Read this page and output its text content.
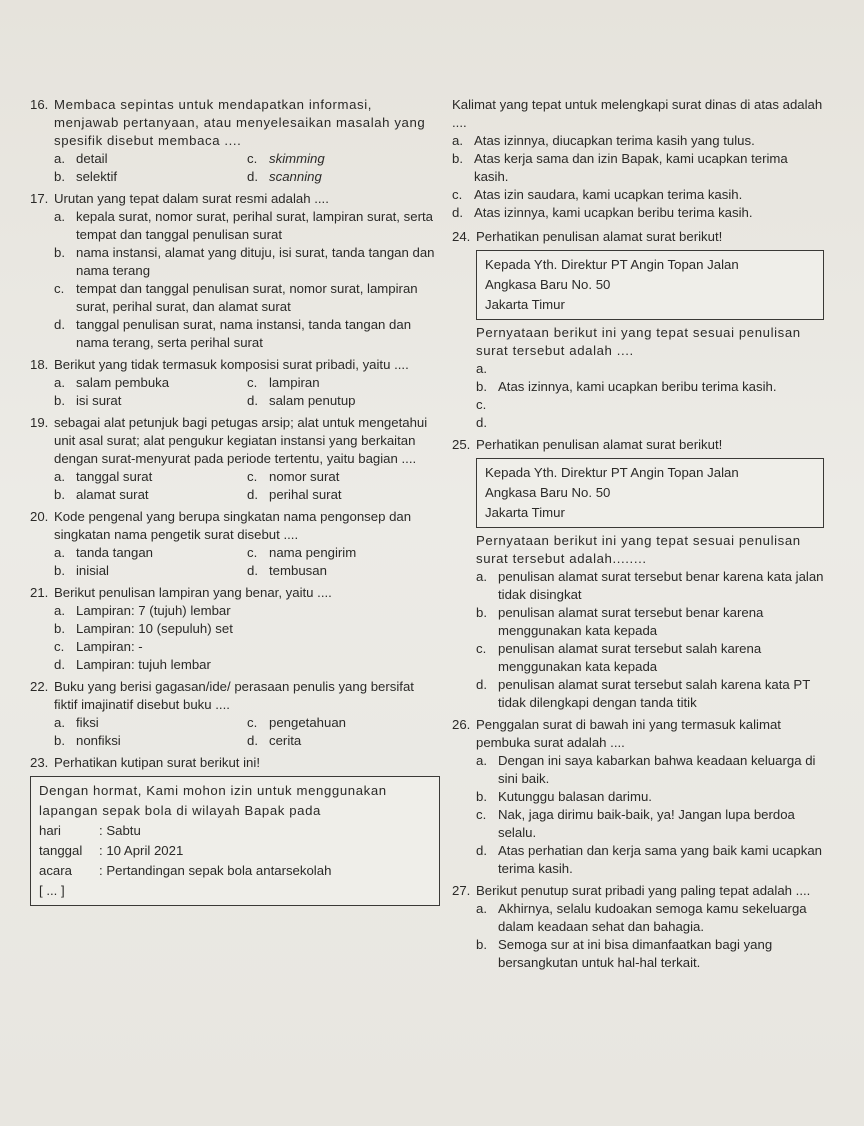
16. Membaca sepintas untuk mendapatkan informasi, menjawab pertanyaan, atau menyelesaikan masalah yang spesifik disebut membaca ....
a. detail	c. skimming
b. selektif	d. scanning
17. Urutan yang tepat dalam surat resmi adalah ....
a. kepala surat, nomor surat, perihal surat, lampiran surat, serta tempat dan tanggal penulisan surat
b. nama instansi, alamat yang dituju, isi surat, tanda tangan dan nama terang
c. tempat dan tanggal penulisan surat, nomor surat, lampiran surat, perihal surat, dan alamat surat
d. tanggal penulisan surat, nama instansi, tanda tangan dan nama terang, serta perihal surat
18. Berikut yang tidak termasuk komposisi surat pribadi, yaitu ....
a. salam pembuka	c. lampiran
b. isi surat	d. salam penutup
19. sebagai alat petunjuk bagi petugas arsip; alat untuk mengetahui unit asal surat; alat pengukur kegiatan instansi yang berkaitan dengan surat-menyurat pada periode tertentu, yaitu bagian ....
a. tanggal surat	c. nomor surat
b. alamat surat	d. perihal surat
20. Kode pengenal yang berupa singkatan nama pengonsep dan singkatan nama pengetik surat disebut ....
a. tanda tangan	c. nama pengirim
b. inisial	d. tembusan
21. Berikut penulisan lampiran yang benar, yaitu ....
a. Lampiran: 7 (tujuh) lembar
b. Lampiran: 10 (sepuluh) set
c. Lampiran: -
d. Lampiran: tujuh lembar
22. Buku yang berisi gagasan/ide/ perasaan penulis yang bersifat fiktif imajinatif disebut buku ....
a. fiksi	c. pengetahuan
b. nonfiksi	d. cerita
23. Perhatikan kutipan surat berikut ini!
Dengan hormat, Kami mohon izin untuk menggunakan lapangan sepak bola di wilayah Bapak pada
hari	: Sabtu
tanggal	: 10 April 2021
acara	: Pertandingan sepak bola antarsekolah
[ ... ]
Kalimat yang tepat untuk melengkapi surat dinas di atas adalah ....
a. Atas izinnya, diucapkan terima kasih yang tulus.
b. Atas kerja sama dan izin Bapak, kami ucapkan terima kasih.
c. Atas izin saudara, kami ucapkan terima kasih.
d. Atas izinnya, kami ucapkan beribu terima kasih.
24. Perhatikan penulisan alamat surat berikut!
Kepada Yth. Direktur PT Angin Topan Jalan
Angkasa Baru No. 50
Jakarta Timur
Pernyataan berikut ini yang tepat sesuai penulisan surat tersebut adalah ....
a.
b. Atas izinnya, kami ucapkan beribu terima kasih.
c.
d.
25. Perhatikan penulisan alamat surat berikut!
Kepada Yth. Direktur PT Angin Topan Jalan
Angkasa Baru No. 50
Jakarta Timur
Pernyataan berikut ini yang tepat sesuai penulisan surat tersebut adalah........
a. penulisan alamat surat tersebut benar karena kata jalan tidak disingkat
b. penulisan alamat surat tersebut benar karena menggunakan kata kepada
c. penulisan alamat surat tersebut salah karena menggunakan kata kepada
d. penulisan alamat surat tersebut salah karena kata PT tidak dilengkapi dengan tanda titik
26. Penggalan surat di bawah ini yang termasuk kalimat pembuka surat adalah ....
a. Dengan ini saya kabarkan bahwa keadaan keluarga di sini baik.
b. Kutunggu balasan darimu.
c. Nak, jaga dirimu baik-baik, ya! Jangan lupa berdoa selalu.
d. Atas perhatian dan kerja sama yang baik kami ucapkan terima kasih.
27. Berikut penutup surat pribadi yang paling tepat adalah ....
a. Akhirnya, selalu kudoakan semoga kamu sekeluarga dalam keadaan sehat dan bahagia.
b. Semoga sur at ini bisa dimanfaatkan bagi yang bersangkutan untuk hal-hal terkait.
